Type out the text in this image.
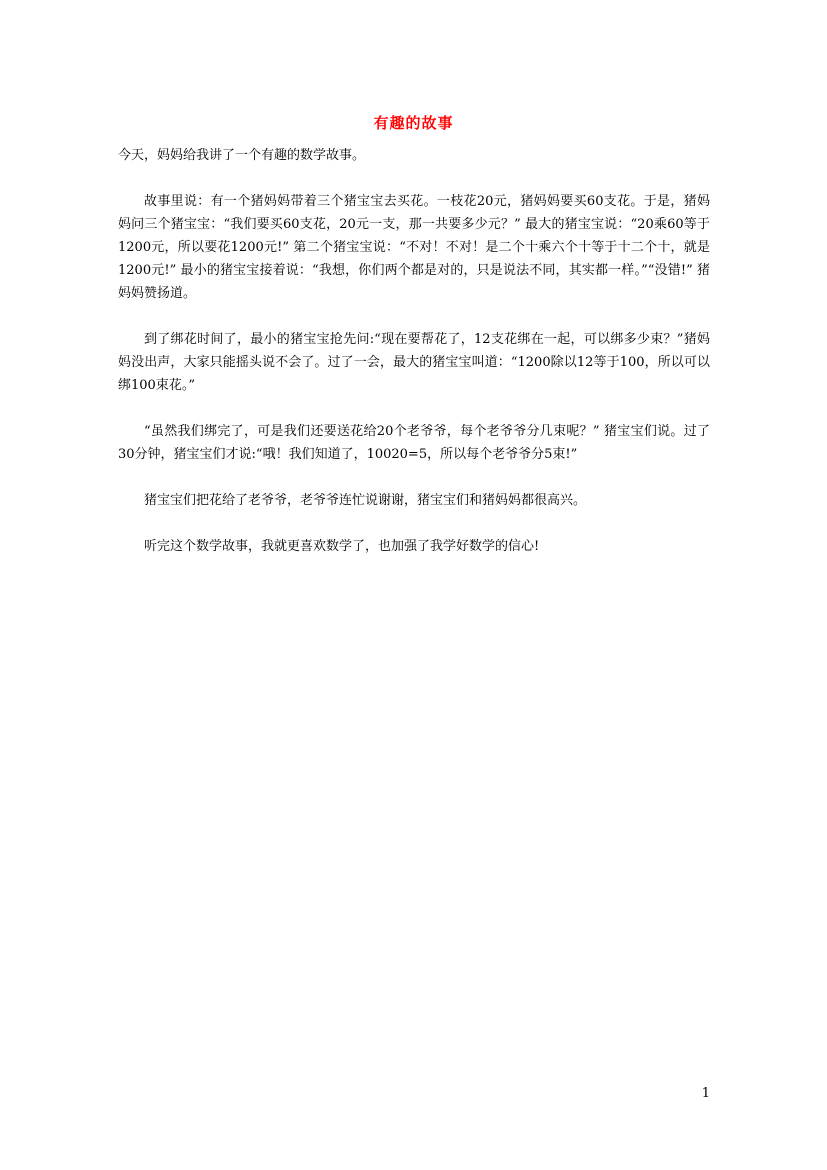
有趣的故事

今天，妈妈给我讲了一个有趣的数学故事。

故事里说：有一个猪妈妈带着三个猪宝宝去买花。一枝花20元，猪妈妈要买60支花。于是，猪妈妈问三个猪宝宝：“我们要买60支花，20元一支，那一共要多少元？” 最大的猪宝宝说：“20乘60等于1200元，所以要花1200元!” 第二个猪宝宝说：“不对！不对！是二个十乘六个十等于十二个十，就是1200元!” 最小的猪宝宝接着说：“我想，你们两个都是对的，只是说法不同，其实都一样。”“没错!” 猪妈妈赞扬道。

到了绑花时间了，最小的猪宝宝抢先问:“现在要帮花了，12支花绑在一起，可以绑多少束？”猪妈妈没出声，大家只能摇头说不会了。过了一会，最大的猪宝宝叫道：“1200除以12等于100，所以可以绑100束花。”

“虽然我们绑完了，可是我们还要送花给20个老爷爷，每个老爷爷分几束呢？” 猪宝宝们说。过了30分钟，猪宝宝们才说:“哦！我们知道了，10020=5，所以每个老爷爷分5束!”

猪宝宝们把花给了老爷爷，老爷爷连忙说谢谢，猪宝宝们和猪妈妈都很高兴。

听完这个数学故事，我就更喜欢数学了，也加强了我学好数学的信心!

1
